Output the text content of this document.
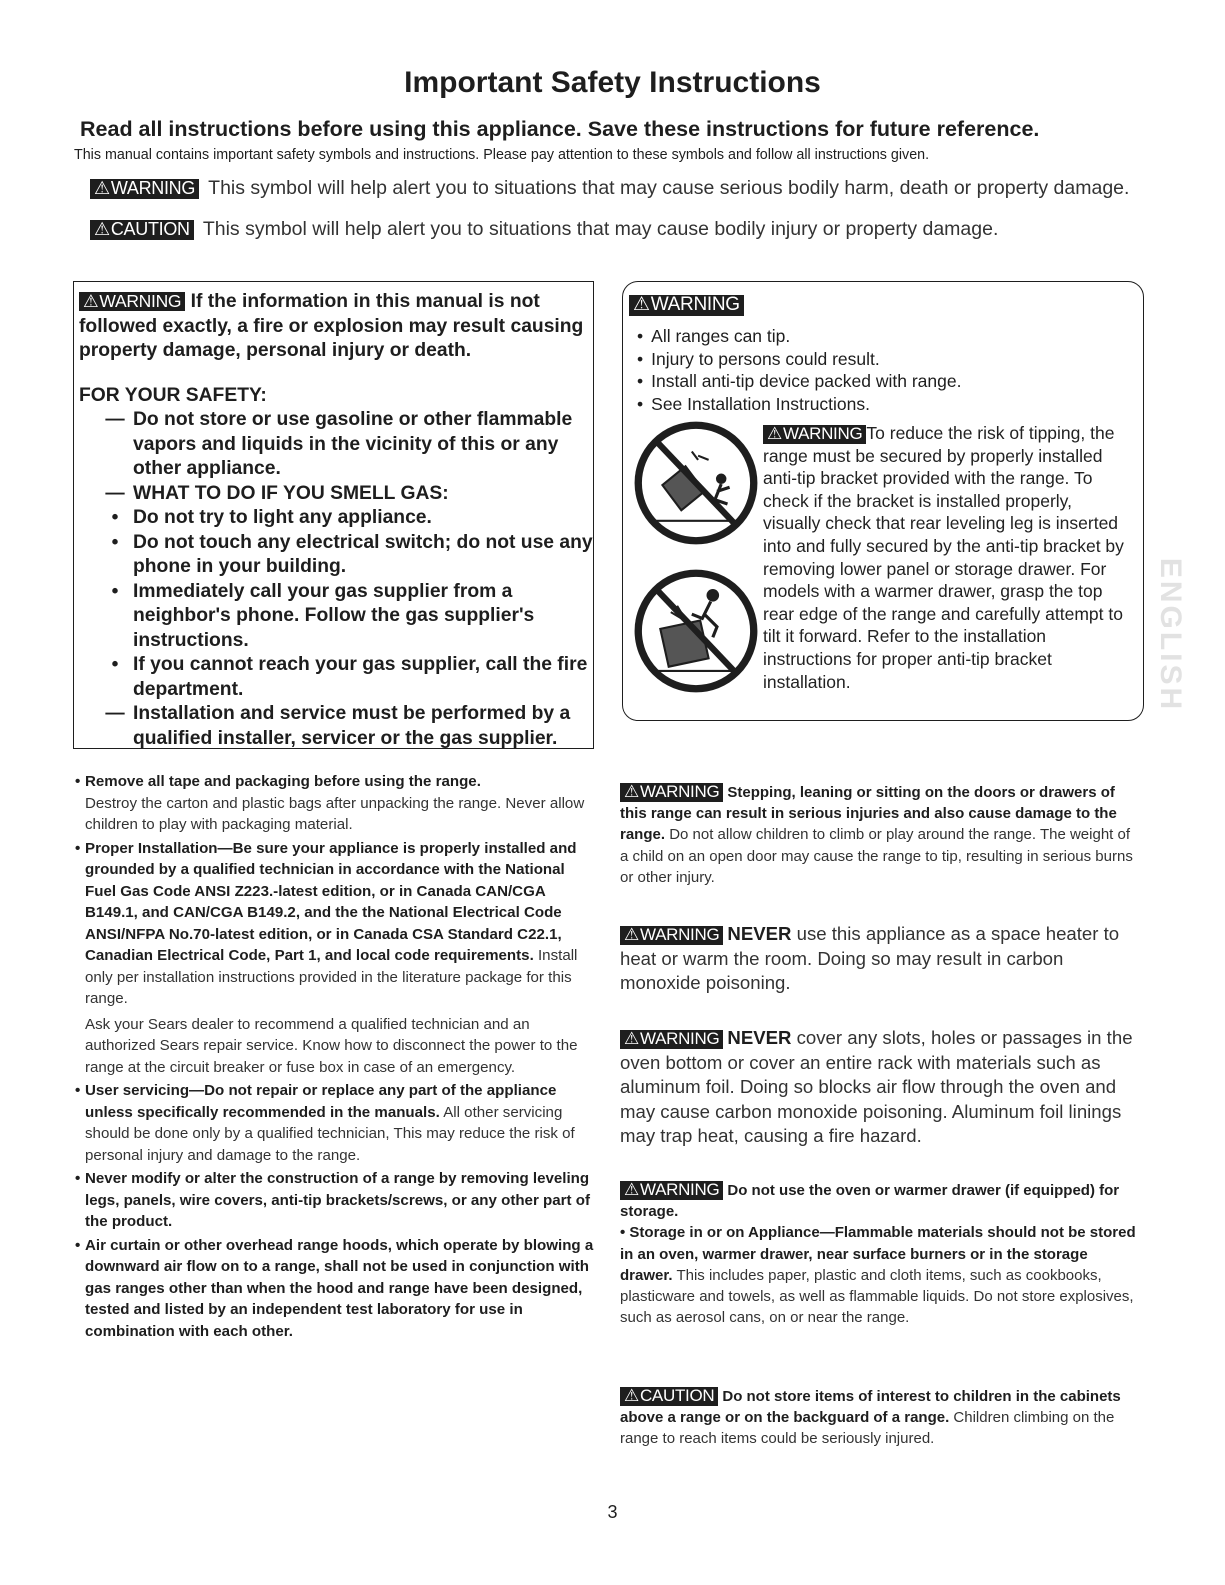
Important Safety Instructions
Read all instructions before using this appliance. Save these instructions for future reference.
This manual contains important safety symbols and instructions. Please pay attention to these symbols and follow all instructions given.
⚠WARNING This symbol will help alert you to situations that may cause serious bodily harm, death or property damage.
⚠CAUTION This symbol will help alert you to situations that may cause bodily injury or property damage.

⚠WARNING If the information in this manual is not followed exactly, a fire or explosion may result causing property damage, personal injury or death.

FOR YOUR SAFETY:

— Do not store or use gasoline or other flammable vapors and liquids in the vicinity of this or any other appliance.
— WHAT TO DO IF YOU SMELL GAS:
• Do not try to light any appliance.
• Do not touch any electrical switch; do not use any phone in your building.
• Immediately call your gas supplier from a neighbor's phone. Follow the gas supplier's instructions.
• If you cannot reach your gas supplier, call the fire department.
— Installation and service must be performed by a qualified installer, servicer or the gas supplier.
⚠WARNING
• All ranges can tip.
• Injury to persons could result.
• Install anti-tip device packed with range.
• See Installation Instructions.
⚠WARNING To reduce the risk of tipping, the range must be secured by properly installed anti-tip bracket provided with the range. To check if the bracket is installed properly, visually check that rear leveling leg is inserted into and fully secured by the anti-tip bracket by removing lower panel or storage drawer. For models with a warmer drawer, grasp the top rear edge of the range and carefully attempt to tilt it forward. Refer to the installation instructions for proper anti-tip bracket installation.	ENGLISH
• Remove all tape and packaging before using the range.
Destroy the carton and plastic bags after unpacking the range. Never allow children to play with packaging material.
• Proper Installation—Be sure your appliance is properly installed and grounded by a qualified technician in accordance with the National Fuel Gas Code ANSI Z223.-latest edition, or in Canada CAN/CGA B149.1, and CAN/CGA B149.2, and the the National Electrical Code ANSI/NFPA No.70-latest edition, or in Canada CSA Standard C22.1, Canadian Electrical Code, Part 1, and local code requirements. Install only per installation instructions provided in the literature package for this range.

Ask your Sears dealer to recommend a qualified technician and an authorized Sears repair service. Know how to disconnect the power to the range at the circuit breaker or fuse box in case of an emergency.

• User servicing—Do not repair or replace any part of the appliance unless specifically recommended in the manuals. All other servicing should be done only by a qualified technician, This may reduce the risk of personal injury and damage to the range.
• Never modify or alter the construction of a range by removing leveling legs, panels, wire covers, anti-tip brackets/screws, or any other part of the product.
• Air curtain or other overhead range hoods, which operate by blowing a downward air flow on to a range, shall not be used in conjunction with gas ranges other than when the hood and range have been designed, tested and listed by an independent test laboratory for use in combination with each other.
⚠WARNING Stepping, leaning or sitting on the doors or drawers of this range can result in serious injuries and also cause damage to the range. Do not allow children to climb or play around the range. The weight of a child on an open door may cause the range to tip, resulting in serious burns or other injury.
⚠WARNING NEVER use this appliance as a space heater to heat or warm the room. Doing so may result in carbon monoxide poisoning.
⚠WARNING NEVER cover any slots, holes or passages in the oven bottom or cover an entire rack with materials such as aluminum foil. Doing so blocks air flow through the oven and may cause carbon monoxide poisoning. Aluminum foil linings may trap heat, causing a fire hazard.
⚠WARNING Do not use the oven or warmer drawer (if equipped) for storage.
• Storage in or on Appliance—Flammable materials should not be stored in an oven, warmer drawer, near surface burners or in the storage drawer. This includes paper, plastic and cloth items, such as cookbooks, plasticware and towels, as well as flammable liquids. Do not store explosives, such as aerosol cans, on or near the range.
⚠CAUTION Do not store items of interest to children in the cabinets above a range or on the backguard of a range. Children climbing on the range to reach items could be seriously injured.
3
